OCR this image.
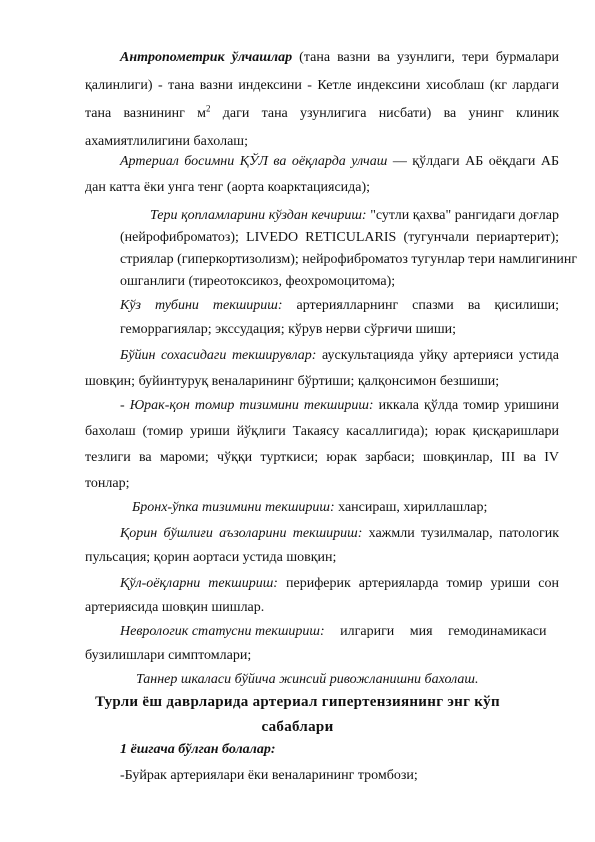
Антропометрик ўлчашлар (тана вазни ва узунлиги, тери бурмалари
қалинлиги) - тана вазни индексини - Кетле индексини хисоблаш (кг лардаги
тана вазнининг $м^2$ даги тана узунлигига нисбати) ва унинг клиник
ахамиятлилигини бахолаш;
Артериал босимни ҚЎЛ ва оёқларда улчаш — қўлдаги АБ оёқдаги АБ
дан катта ёки унга тенг (аорта коарктациясида);
Тери қопламларини кўздан кечириш: "сутли қахва" рангидаги доғлар
(нейрофиброматоз); LIVEDO RETICULARIS (тугунчали периартерит);
стриялар (гиперкортизолизм); нейрофиброматоз тугунлар тери намлигининг
ошганлиги (тиреотоксикоз, феохромоцитома);
Кўз тубини текшириш: артериялларнинг спазми ва қисилиши;
геморрагиялар; экссудация; кўрув нерви сўрғичи шиши;
Бўйин сохасидаги текширувлар: аускультацияда уйқу артерияси устида
шовқин; буйинтуруқ веналарининг бўртиши; қалқонсимон безшиши;
- Юрак-қон томир тизимини текшириш: иккала қўлда томир уришини
бахолаш (томир уриши йўқлиги Такаясу касаллигида); юрак қисқаришлари
тезлиги ва мароми; чўққи турткиси; юрак зарбаси; шовқинлар, III ва IV
тонлар;
Бронх-ўпка тизимини текшириш: хансираш, хириллашлар;
Қорин бўшлиғи аъзоларини текшириш: хажмли тузилмалар, патологик
пульсация; қорин аортаси устида шовқин;
Қўл-оёқларни текшириш: периферик артерияларда томир уриши сон
артериясида шовқин шишлар.
Неврологик статусни текшириш: илгариги мия гемодинамикаси
бузилишлари симптомлари;
Таннер шкаласи бўйича жинсий ривожланишни бахолаш.
Турли ёш даврларида артериал гипертензиянинг энг кўп
сабаблари
1 ёшгача бўлган болалар:
-Буйрак артериялари ёки веналарининг тромбози;
